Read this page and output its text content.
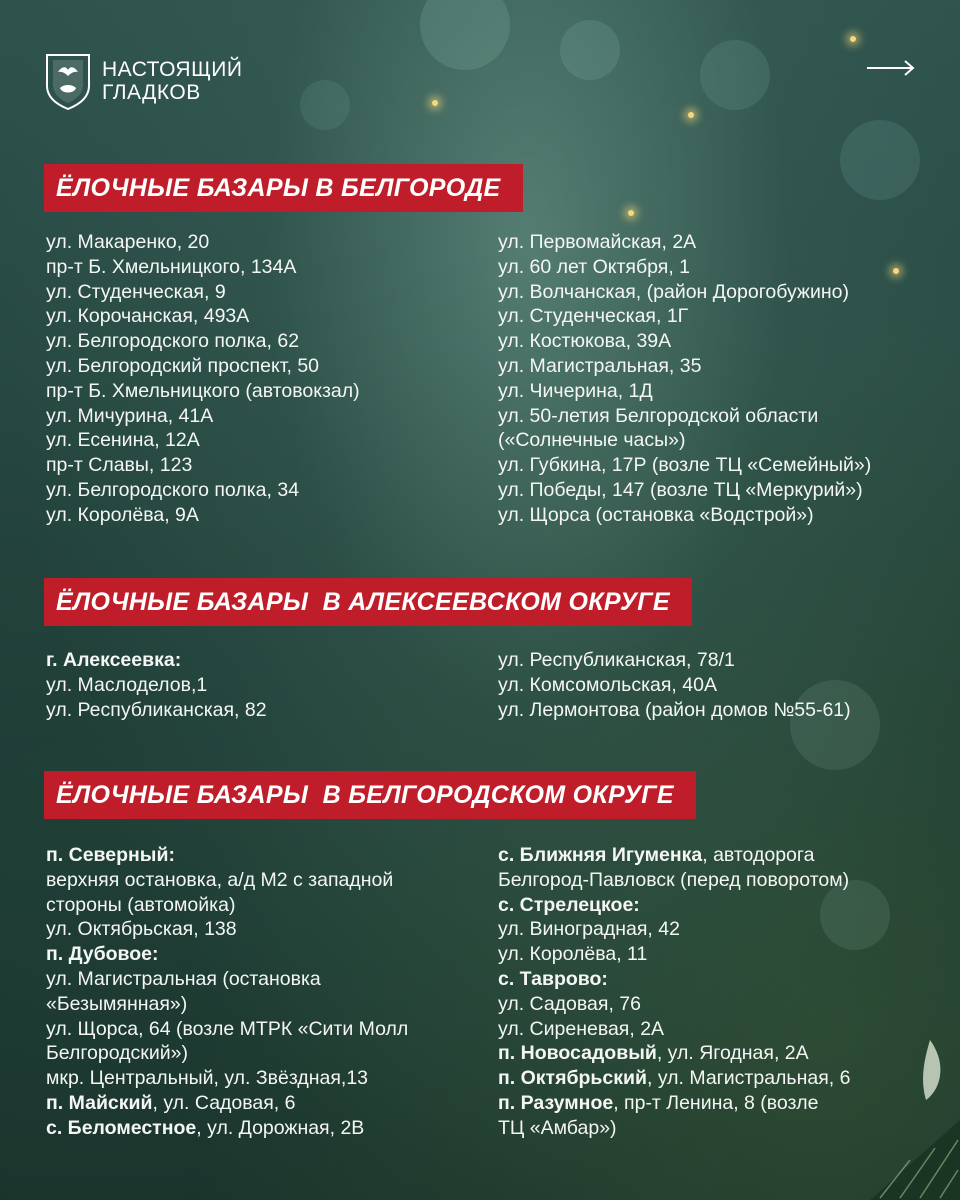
НАСТОЯЩИЙ
ГЛАДКОВ
ЁЛОЧНЫЕ БАЗАРЫ В БЕЛГОРОДЕ
ул. Макаренко, 20
пр-т Б. Хмельницкого, 134А
ул. Студенческая, 9
ул. Корочанская, 493А
ул. Белгородского полка, 62
ул. Белгородский проспект, 50
пр-т Б. Хмельницкого (автовокзал)
ул. Мичурина, 41А
ул. Есенина, 12А
пр-т Славы, 123
ул. Белгородского полка, 34
ул. Королёва, 9А
ул. Первомайская, 2А
ул. 60 лет Октября, 1
ул. Волчанская, (район Дорогобужино)
ул. Студенческая, 1Г
ул. Костюкова, 39А
ул. Магистральная, 35
ул. Чичерина, 1Д
ул. 50-летия Белгородской области
(«Солнечные часы»)
ул. Губкина, 17Р (возле ТЦ «Семейный»)
ул. Победы, 147 (возле ТЦ «Меркурий»)
ул. Щорса (остановка «Водстрой»)
ЁЛОЧНЫЕ БАЗАРЫ  В АЛЕКСЕЕВСКОМ ОКРУГЕ
г. Алексеевка:
ул. Маслоделов,1
ул. Республиканская, 82
ул. Республиканская, 78/1
ул. Комсомольская, 40А
ул. Лермонтова (район домов №55-61)
ЁЛОЧНЫЕ БАЗАРЫ  В БЕЛГОРОДСКОМ ОКРУГЕ
п. Северный:
верхняя остановка, а/д М2 с западной
стороны (автомойка)
ул. Октябрьская, 138
п. Дубовое:
ул. Магистральная (остановка
«Безымянная»)
ул. Щорса, 64 (возле МТРК «Сити Молл
Белгородский»)
мкр. Центральный, ул. Звёздная,13
п. Майский, ул. Садовая, 6
с. Беломестное, ул. Дорожная, 2В
с. Ближняя Игуменка, автодорога
Белгород-Павловск (перед поворотом)
с. Стрелецкое:
ул. Виноградная, 42
ул. Королёва, 11
с. Таврово:
ул. Садовая, 76
ул. Сиреневая, 2А
п. Новосадовый, ул. Ягодная, 2А
п. Октябрьский, ул. Магистральная, 6
п. Разумное, пр-т Ленина, 8 (возле
ТЦ «Амбар»)
